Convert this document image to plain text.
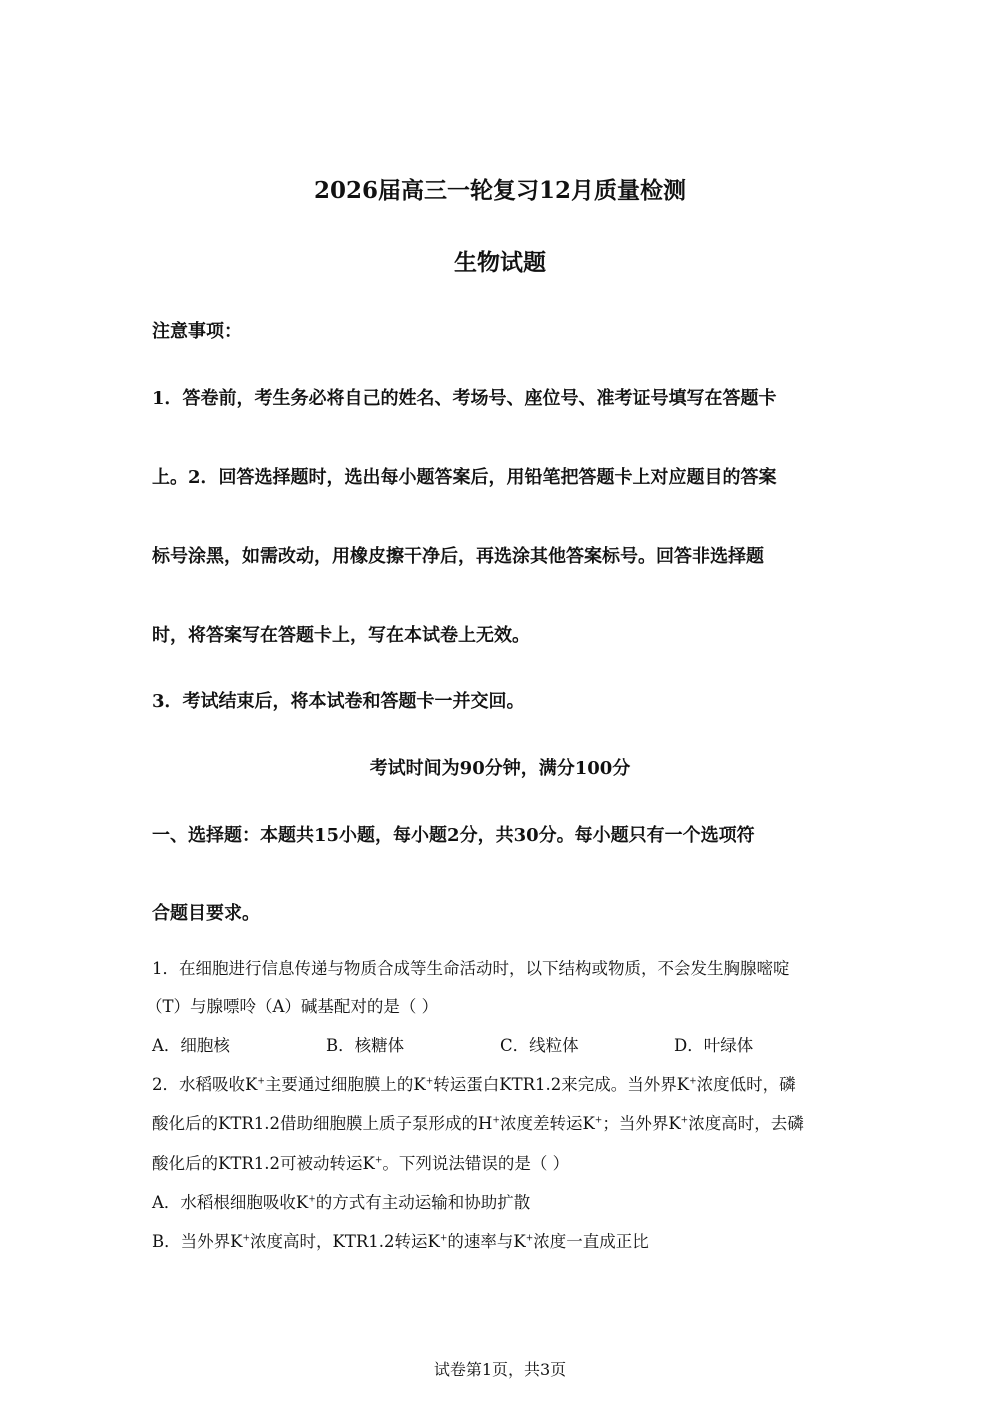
2026届高三一轮复习12月质量检测
生物试题
注意事项：
1．答卷前，考生务必将自己的姓名、考场号、座位号、准考证号填写在答题卡
上。2．回答选择题时，选出每小题答案后，用铅笔把答题卡上对应题目的答案
标号涂黑，如需改动，用橡皮擦干净后，再选涂其他答案标号。回答非选择题
时，将答案写在答题卡上，写在本试卷上无效。
3．考试结束后，将本试卷和答题卡一并交回。
考试时间为90分钟，满分100分
一、选择题：本题共15小题，每小题2分，共30分。每小题只有一个选项符
合题目要求。
1．在细胞进行信息传递与物质合成等生命活动时，以下结构或物质，不会发生胸腺嘧啶
（T）与腺嘌呤（A）碱基配对的是（ ）
A．细胞核	B．核糖体	C．线粒体	D．叶绿体
2．水稻吸收K+主要通过细胞膜上的K+转运蛋白KTR1.2来完成。当外界K+浓度低时，磷
酸化后的KTR1.2借助细胞膜上质子泵形成的H+浓度差转运K+；当外界K+浓度高时，去磷
酸化后的KTR1.2可被动转运K+。下列说法错误的是（ ）
A．水稻根细胞吸收K+的方式有主动运输和协助扩散
B．当外界K+浓度高时，KTR1.2转运K+的速率与K+浓度一直成正比
试卷第1页，共3页
